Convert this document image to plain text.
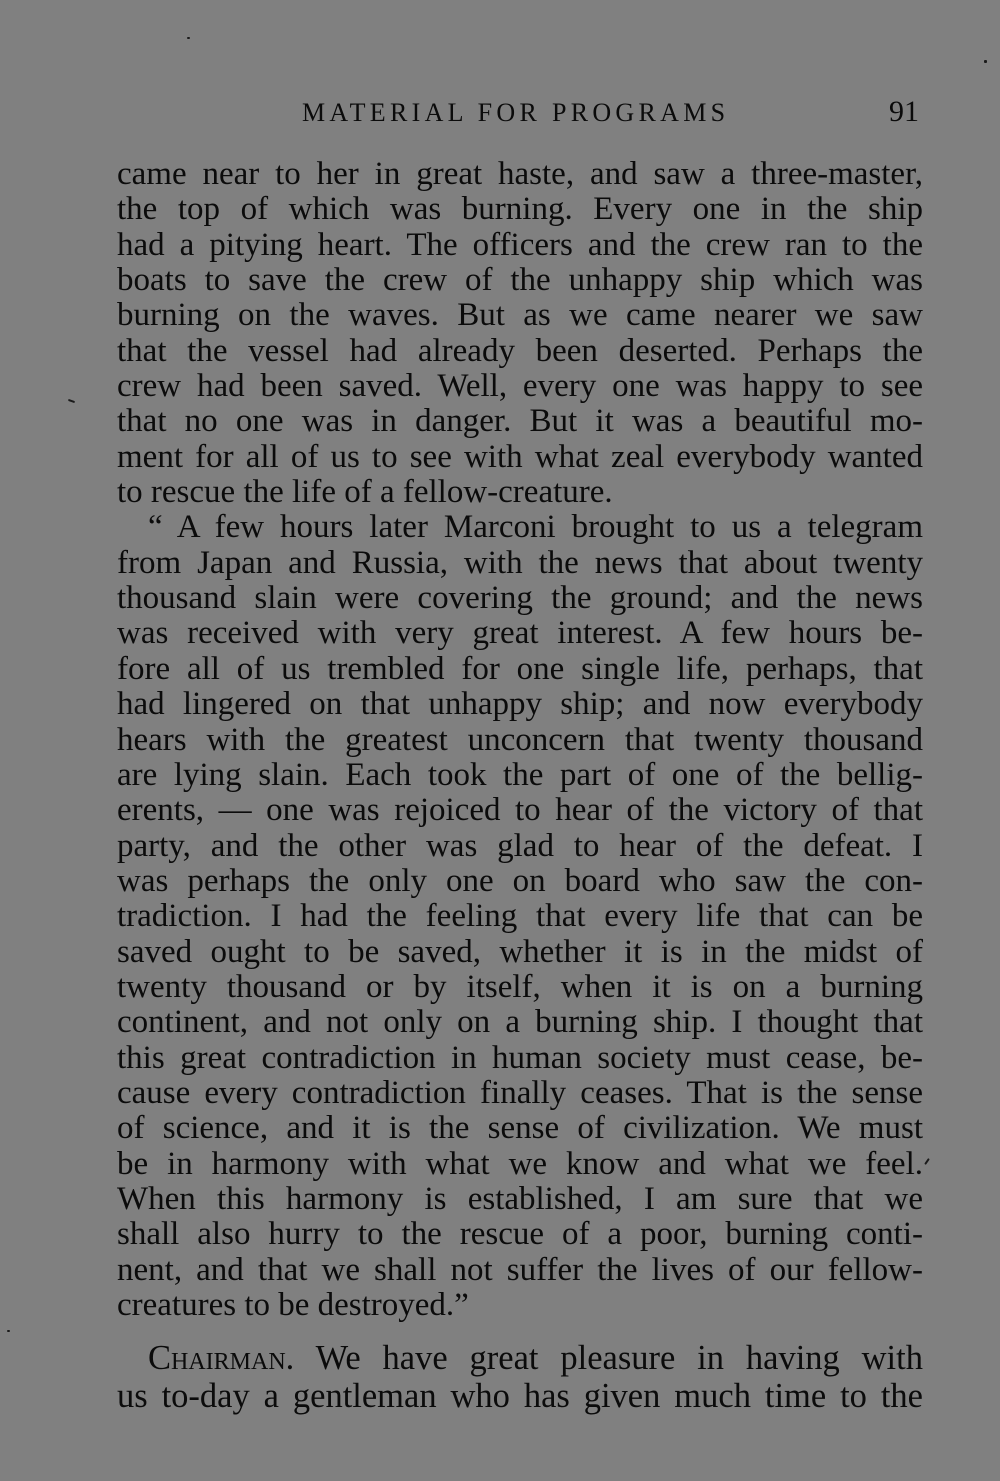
MATERIAL FOR PROGRAMS	91
came near to her in great haste, and saw a three-master,
the top of which was burning. Every one in the ship
had a pitying heart. The officers and the crew ran to the
boats to save the crew of the unhappy ship which was
burning on the waves. But as we came nearer we saw
that the vessel had already been deserted. Perhaps the
crew had been saved. Well, every one was happy to see
that no one was in danger. But it was a beautiful mo-
ment for all of us to see with what zeal everybody wanted
to rescue the life of a fellow-creature.
“ A few hours later Marconi brought to us a telegram
from Japan and Russia, with the news that about twenty
thousand slain were covering the ground; and the news
was received with very great interest. A few hours be-
fore all of us trembled for one single life, perhaps, that
had lingered on that unhappy ship; and now everybody
hears with the greatest unconcern that twenty thousand
are lying slain. Each took the part of one of the bellig-
erents, — one was rejoiced to hear of the victory of that
party, and the other was glad to hear of the defeat. I
was perhaps the only one on board who saw the con-
tradiction. I had the feeling that every life that can be
saved ought to be saved, whether it is in the midst of
twenty thousand or by itself, when it is on a burning
continent, and not only on a burning ship. I thought that
this great contradiction in human society must cease, be-
cause every contradiction finally ceases. That is the sense
of science, and it is the sense of civilization. We must
be in harmony with what we know and what we feel.
When this harmony is established, I am sure that we
shall also hurry to the rescue of a poor, burning conti-
nent, and that we shall not suffer the lives of our fellow-
creatures to be destroyed.”
Chairman. We have great pleasure in having with
us to-day a gentleman who has given much time to the
